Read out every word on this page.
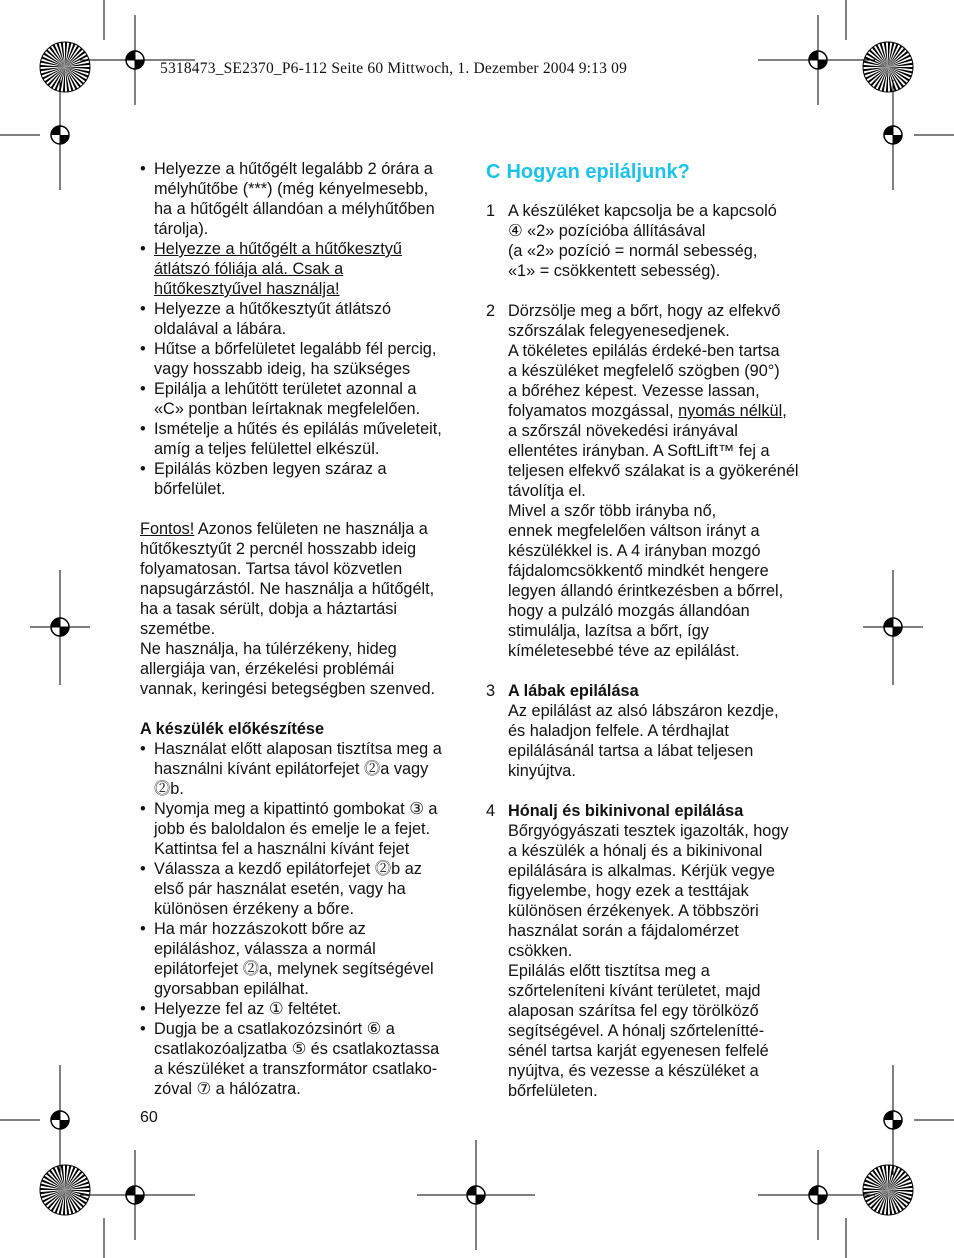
5318473_SE2370_P6-112 Seite 60 Mittwoch, 1. Dezember 2004 9:13 09
• Helyezze a hűtőgélt legalább 2 órára a
mélyhűtőbe (***) (még kényelmesebb,
ha a hűtőgélt állandóan a mélyhűtőben
tárolja).
• Helyezze a hűtőgélt a hűtőkesztyű
átlátszó fóliája alá. Csak a
hűtőkesztyűvel használja!
• Helyezze a hűtőkesztyűt átlátszó
oldalával a lábára.
• Hűtse a bőrfelületet legalább fél percig,
vagy hosszabb ideig, ha szükséges
• Epilálja a lehűtött területet azonnal a
«C» pontban leírtaknak megfelelően.
• Ismételje a hűtés és epilálás műveleteit,
amíg a teljes felülettel elkészül.
• Epilálás közben legyen száraz a
bőrfelület.
Fontos! Azonos felületen ne használja a
hűtőkesztyűt 2 percnél hosszabb ideig
folyamatosan. Tartsa távol közvetlen
napsugárzástól. Ne használja a hűtőgélt,
ha a tasak sérült, dobja a háztartási
szemétbe.
Ne használja, ha túlérzékeny, hideg
allergiája van, érzékelési problémái
vannak, keringési betegségben szenved.
A készülék előkészítése
• Használat előtt alaposan tisztítsa meg a
használni kívánt epilátorfejet ⓶a vagy
⓶b.
• Nyomja meg a kipattintó gombokat ③ a
jobb és baloldalon és emelje le a fejet.
Kattintsa fel a használni kívánt fejet
• Válassza a kezdő epilátorfejet ⓶b az
első pár használat esetén, vagy ha
különösen érzékeny a bőre.
• Ha már hozzászokott bőre az
epiláláshoz, válassza a normál
epilátorfejet ⓶a, melynek segítségével
gyorsabban epilálhat.
• Helyezze fel az ① feltétet.
• Dugja be a csatlakozózsinórt ⑥ a
csatlakozóaljzatba ⑤ és csatlakoztassa
a készüléket a transzformátor csatlako-
zóval ⑦ a hálózatra.
C Hogyan epiláljunk?
1 A készüléket kapcsolja be a kapcsoló
④ «2» pozícióba állításával
(a «2» pozíció = normál sebesség,
«1» = csökkentett sebesség).
2 Dörzsölje meg a bőrt, hogy az elfekvő
szőrszálak felegyenesedjenek.
A tökéletes epilálás érdeké-ben tartsa
a készüléket megfelelő szögben (90°)
a bőréhez képest. Vezesse lassan,
folyamatos mozgással, nyomás nélkül,
a szőrszál növekedési irányával
ellentétes irányban. A SoftLift™ fej a
teljesen elfekvő szálakat is a gyökerénél
távolítja el.
Mivel a szőr több irányba nő,
ennek megfelelően váltson irányt a
készülékkel is. A 4 irányban mozgó
fájdalomcsökkentő mindkét hengere
legyen állandó érintkezésben a bőrrel,
hogy a pulzáló mozgás állandóan
stimulálja, lazítsa a bőrt, így
kíméletesebbé téve az epilálást.
3 A lábak epilálása
Az epilálást az alsó lábszáron kezdje,
és haladjon felfele. A térdhajlat
epilálásánál tartsa a lábat teljesen
kinyújtva.
4 Hónalj és bikinivonal epilálása
Bőrgyógyászati tesztek igazolták, hogy
a készülék a hónalj és a bikinivonal
epilálására is alkalmas. Kérjük vegye
figyelembe, hogy ezek a testtájak
különösen érzékenyek. A többszöri
használat során a fájdalomérzet
csökken.
Epilálás előtt tisztítsa meg a
szőrteleníteni kívánt területet, majd
alaposan szárítsa fel egy törölköző
segítségével. A hónalj szőrtelenítté-
sénél tartsa karját egyenesen felfelé
nyújtva, és vezesse a készüléket a
bőrfelületen.
60
